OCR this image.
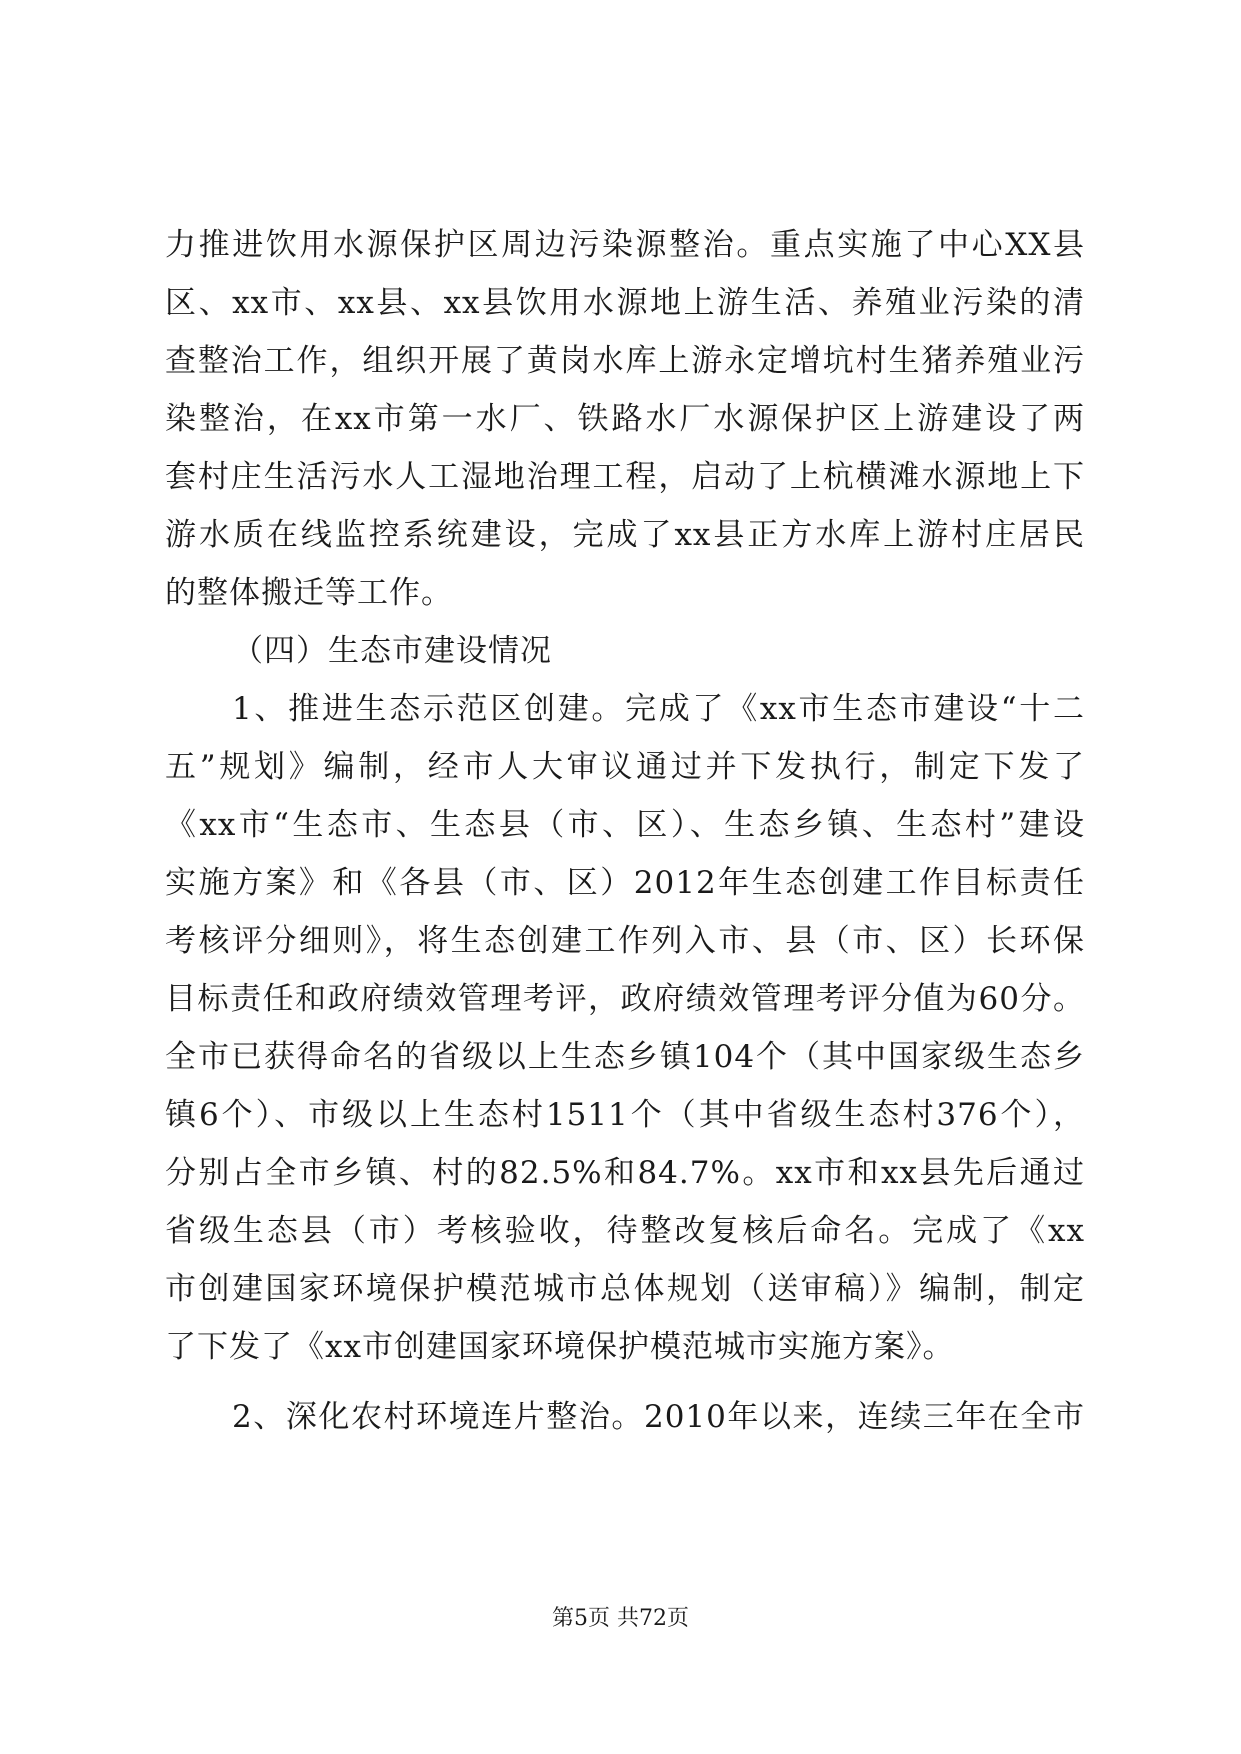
力推进饮用水源保护区周边污染源整治。重点实施了中心XX县
区、xx市、xx县、xx县饮用水源地上游生活、养殖业污染的清
查整治工作，组织开展了黄岗水库上游永定增坑村生猪养殖业污
染整治，在xx市第一水厂、铁路水厂水源保护区上游建设了两
套村庄生活污水人工湿地治理工程，启动了上杭横滩水源地上下
游水质在线监控系统建设，完成了xx县正方水库上游村庄居民
的整体搬迁等工作。
（四）生态市建设情况
1、推进生态示范区创建。完成了《xx市生态市建设“十二
五”规划》编制，经市人大审议通过并下发执行，制定下发了
《xx市“生态市、生态县（市、区）、生态乡镇、生态村”建设
实施方案》和《各县（市、区）2012年生态创建工作目标责任
考核评分细则》，将生态创建工作列入市、县（市、区）长环保
目标责任和政府绩效管理考评，政府绩效管理考评分值为60分。
全市已获得命名的省级以上生态乡镇104个（其中国家级生态乡
镇6个）、市级以上生态村1511个（其中省级生态村376个），
分别占全市乡镇、村的82.5%和84.7%。xx市和xx县先后通过
省级生态县（市）考核验收，待整改复核后命名。完成了《xx
市创建国家环境保护模范城市总体规划（送审稿）》编制，制定
了下发了《xx市创建国家环境保护模范城市实施方案》。
2、深化农村环境连片整治。2010年以来，连续三年在全市
第5页 共72页
